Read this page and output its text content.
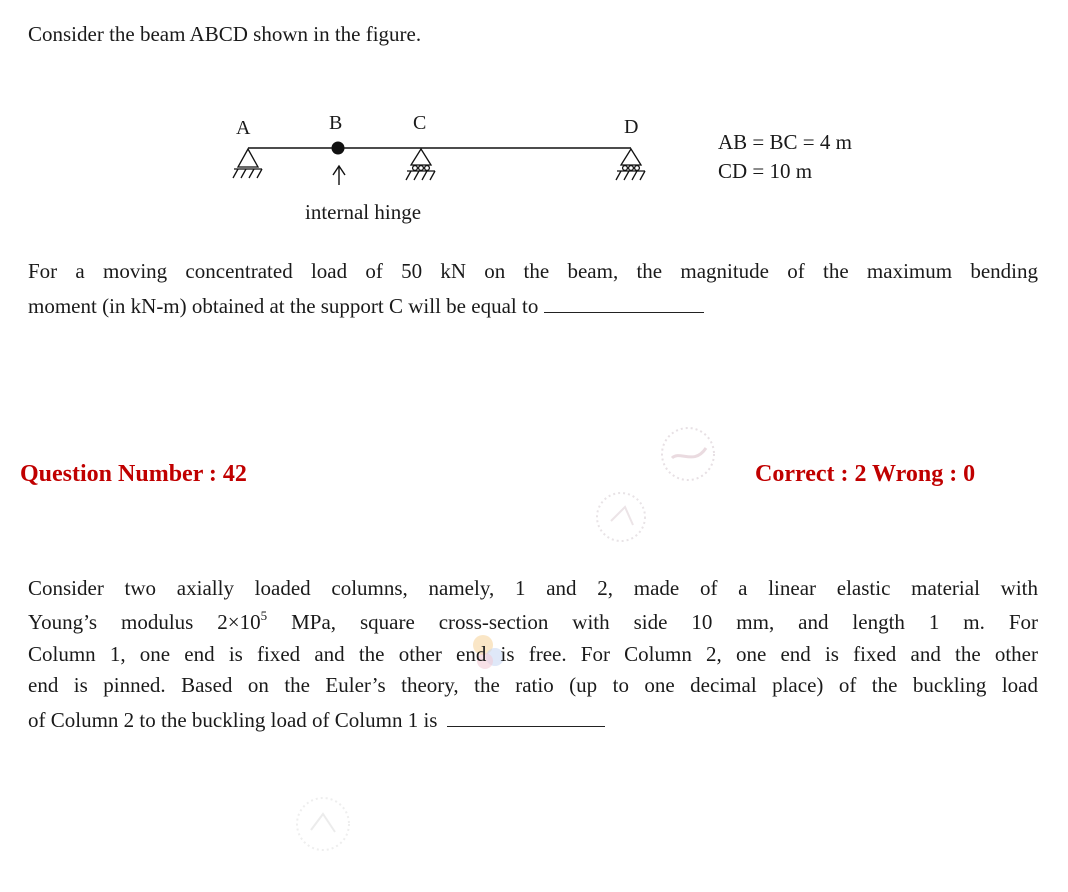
Consider the beam ABCD shown in the figure.
A	B	C	D
internal hinge
AB = BC = 4 m
CD = 10 m
For a moving concentrated load of 50 kN on the beam, the magnitude of the maximum bending
moment (in kN-m) obtained at the support C will be equal to
Question Number : 42	Correct : 2 Wrong : 0
Consider two axially loaded columns, namely, 1 and 2, made of a linear elastic material with
Young’s modulus $2\times 10^5$ MPa, square cross-section with side 10 mm, and length 1 m. For
Column 1, one end is fixed and the other end is free. For Column 2, one end is fixed and the other
end is pinned. Based on the Euler’s theory, the ratio (up to one decimal place) of the buckling load
of Column 2 to the buckling load of Column 1 is
